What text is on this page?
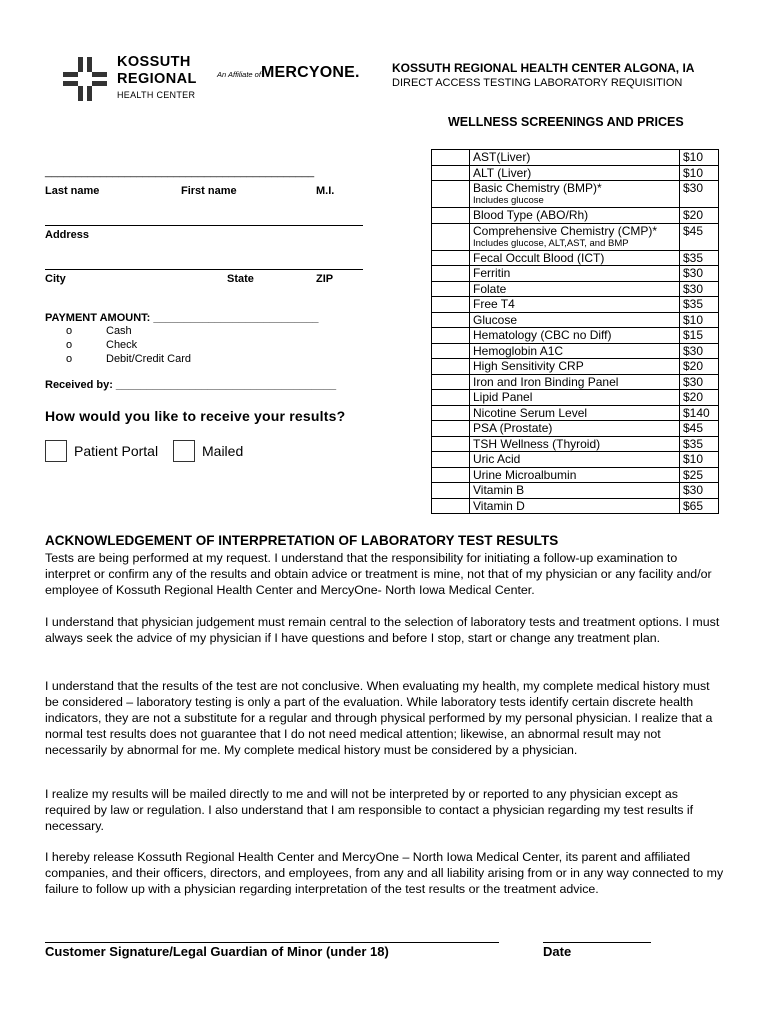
KOSSUTH
REGIONAL
HEALTH CENTER
An Affiliate of MERCYONE.	KOSSUTH REGIONAL HEALTH CENTER ALGONA, IA
DIRECT ACCESS TESTING LABORATORY REQUISITION
WELLNESS SCREENINGS AND PRICES
	AST(Liver)	$10
	ALT (Liver)	$10
	Basic Chemistry (BMP)*
Includes glucose	$30
	Blood Type (ABO/Rh)	$20
	Comprehensive Chemistry (CMP)*
Includes glucose, ALT,AST, and BMP	$45
	Fecal Occult Blood (ICT)	$35
	Ferritin	$30
	Folate	$30
	Free T4	$35
	Glucose	$10
	Hematology (CBC no Diff)	$15
	Hemoglobin A1C	$30
	High Sensitivity CRP	$20
	Iron and Iron Binding Panel	$30
	Lipid Panel	$20
	Nicotine Serum Level	$140
	PSA (Prostate)	$45
	TSH Wellness (Thyroid)	$35
	Uric Acid	$10
	Urine Microalbumin	$25
	Vitamin B	$30
	Vitamin D	$65
____________________________________________
Last name	First name	M.I.
Address
City	State	ZIP
PAYMENT AMOUNT: ___________________________
o	Cash
o	Check
o	Debit/Credit Card
Received by: ____________________________________
How would you like to receive your results?
Patient Portal	Mailed
ACKNOWLEDGEMENT OF INTERPRETATION OF LABORATORY TEST RESULTS
Tests are being performed at my request. I understand that the responsibility for initiating a follow-up examination to interpret or confirm any of the results and obtain advice or treatment is mine, not that of my physician or any facility and/or employee of Kossuth Regional Health Center and MercyOne- North Iowa Medical Center.
I understand that physician judgement must remain central to the selection of laboratory tests and treatment options. I must always seek the advice of my physician if I have questions and before I stop, start or change any treatment plan.
I understand that the results of the test are not conclusive. When evaluating my health, my complete medical history must be considered – laboratory testing is only a part of the evaluation. While laboratory tests identify certain discrete health indicators, they are not a substitute for a regular and through physical performed by my personal physician. I realize that a normal test results does not guarantee that I do not need medical attention; likewise, an abnormal result may not necessarily by abnormal for me. My complete medical history must be considered by a physician.
I realize my results will be mailed directly to me and will not be interpreted by or reported to any physician except as required by law or regulation. I also understand that I am responsible to contact a physician regarding my test results if necessary.
I hereby release Kossuth Regional Health Center and MercyOne – North Iowa Medical Center, its parent and affiliated companies, and their officers, directors, and employees, from any and all liability arising from or in any way connected to my failure to follow up with a physician regarding interpretation of the test results or the treatment advice.
Customer Signature/Legal Guardian of Minor (under 18)	Date
